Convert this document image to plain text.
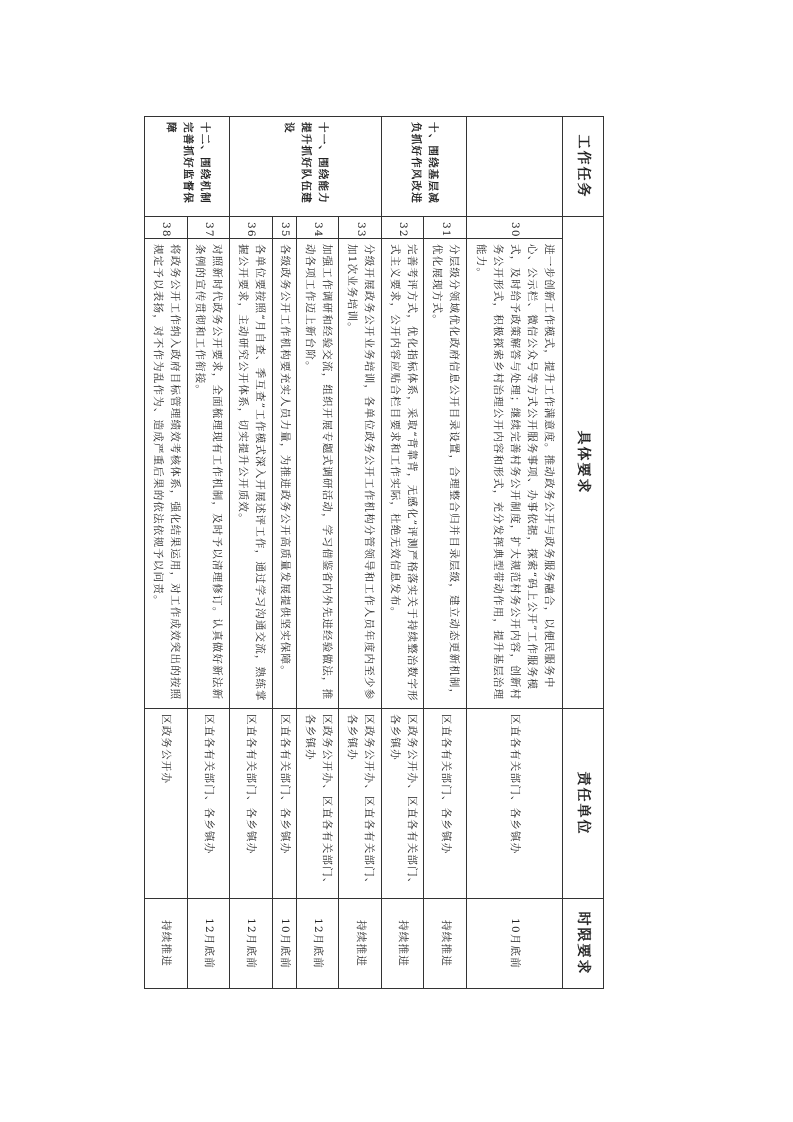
工作任务	具体要求		责任单位	时限要求
	30	进一步创新工作模式，提升工作满意度。推动政务公开与政务服务融合，以便民服务中心、公示栏、微信公众号等方式公开服务事项、办事依据，探索“码上公开”工作服务模式，及时给予政策解答与处理；继续完善村务公开制度，扩大规范村务公开内容，创新村务公开形式，积极探索乡村治理公开内容和形式，充分发挥典型带动作用，提升基层治理能力。	区直各有关部门、各乡镇办	10月底前
十、围绕基层减负抓好作风改进	31	分层级分领域优化政府信息公开目录设置，合理整合归并目录层级，建立动态更新机制，优化展现方式。	区直各有关部门、各乡镇办	持续推进
	32	完善考评方式，优化指标体系，采取“背靠背，无感化”评测严格落实关于持续整治数字形式主义要求，公开内容应贴合栏目要求和工作实际，杜绝无效信息发布。	区政务公开办、区直各有关部门、各乡镇办	持续推进
十一、围绕能力提升抓好队伍建设	33	分级开展政务公开业务培训，各单位政务公开工作机构分管领导和工作人员年度内至少参加1次业务培训。	区政务公开办、区直各有关部门、各乡镇办	持续推进
	34	加强工作调研和经验交流，组织开展专题式调研活动，学习借鉴省内外先进经验做法，推动各项工作迈上新台阶。	区政务公开办、区直各有关部门、各乡镇办	12月底前
	35	各级政务公开工作机构要充实人员力量，为推进政务公开高质量发展提供坚实保障。	区直各有关部门、各乡镇办	10月底前
	36	各单位要按照“月自查、季互查”工作模式深入开展述评工作，通过学习沟通交流，熟练掌握公开要求，主动研究公开体系，切实提升公开质效。	区直各有关部门、各乡镇办	12月底前
十二、围绕机制完善抓好监督保障	37	对照新时代政务公开要求，全面梳理现有工作机制，及时予以清理修订。认真做好新法新条例的宣传贯彻和工作衔接。	区直各有关部门、各乡镇办	12月底前
	38	将政务公开工作纳入政府目标管理绩效考核体系，强化结果运用，对工作成效突出的按照规定予以表扬，对不作为乱作为、造成严重后果的依法依规予以问责。	区政务公开办	持续推进
